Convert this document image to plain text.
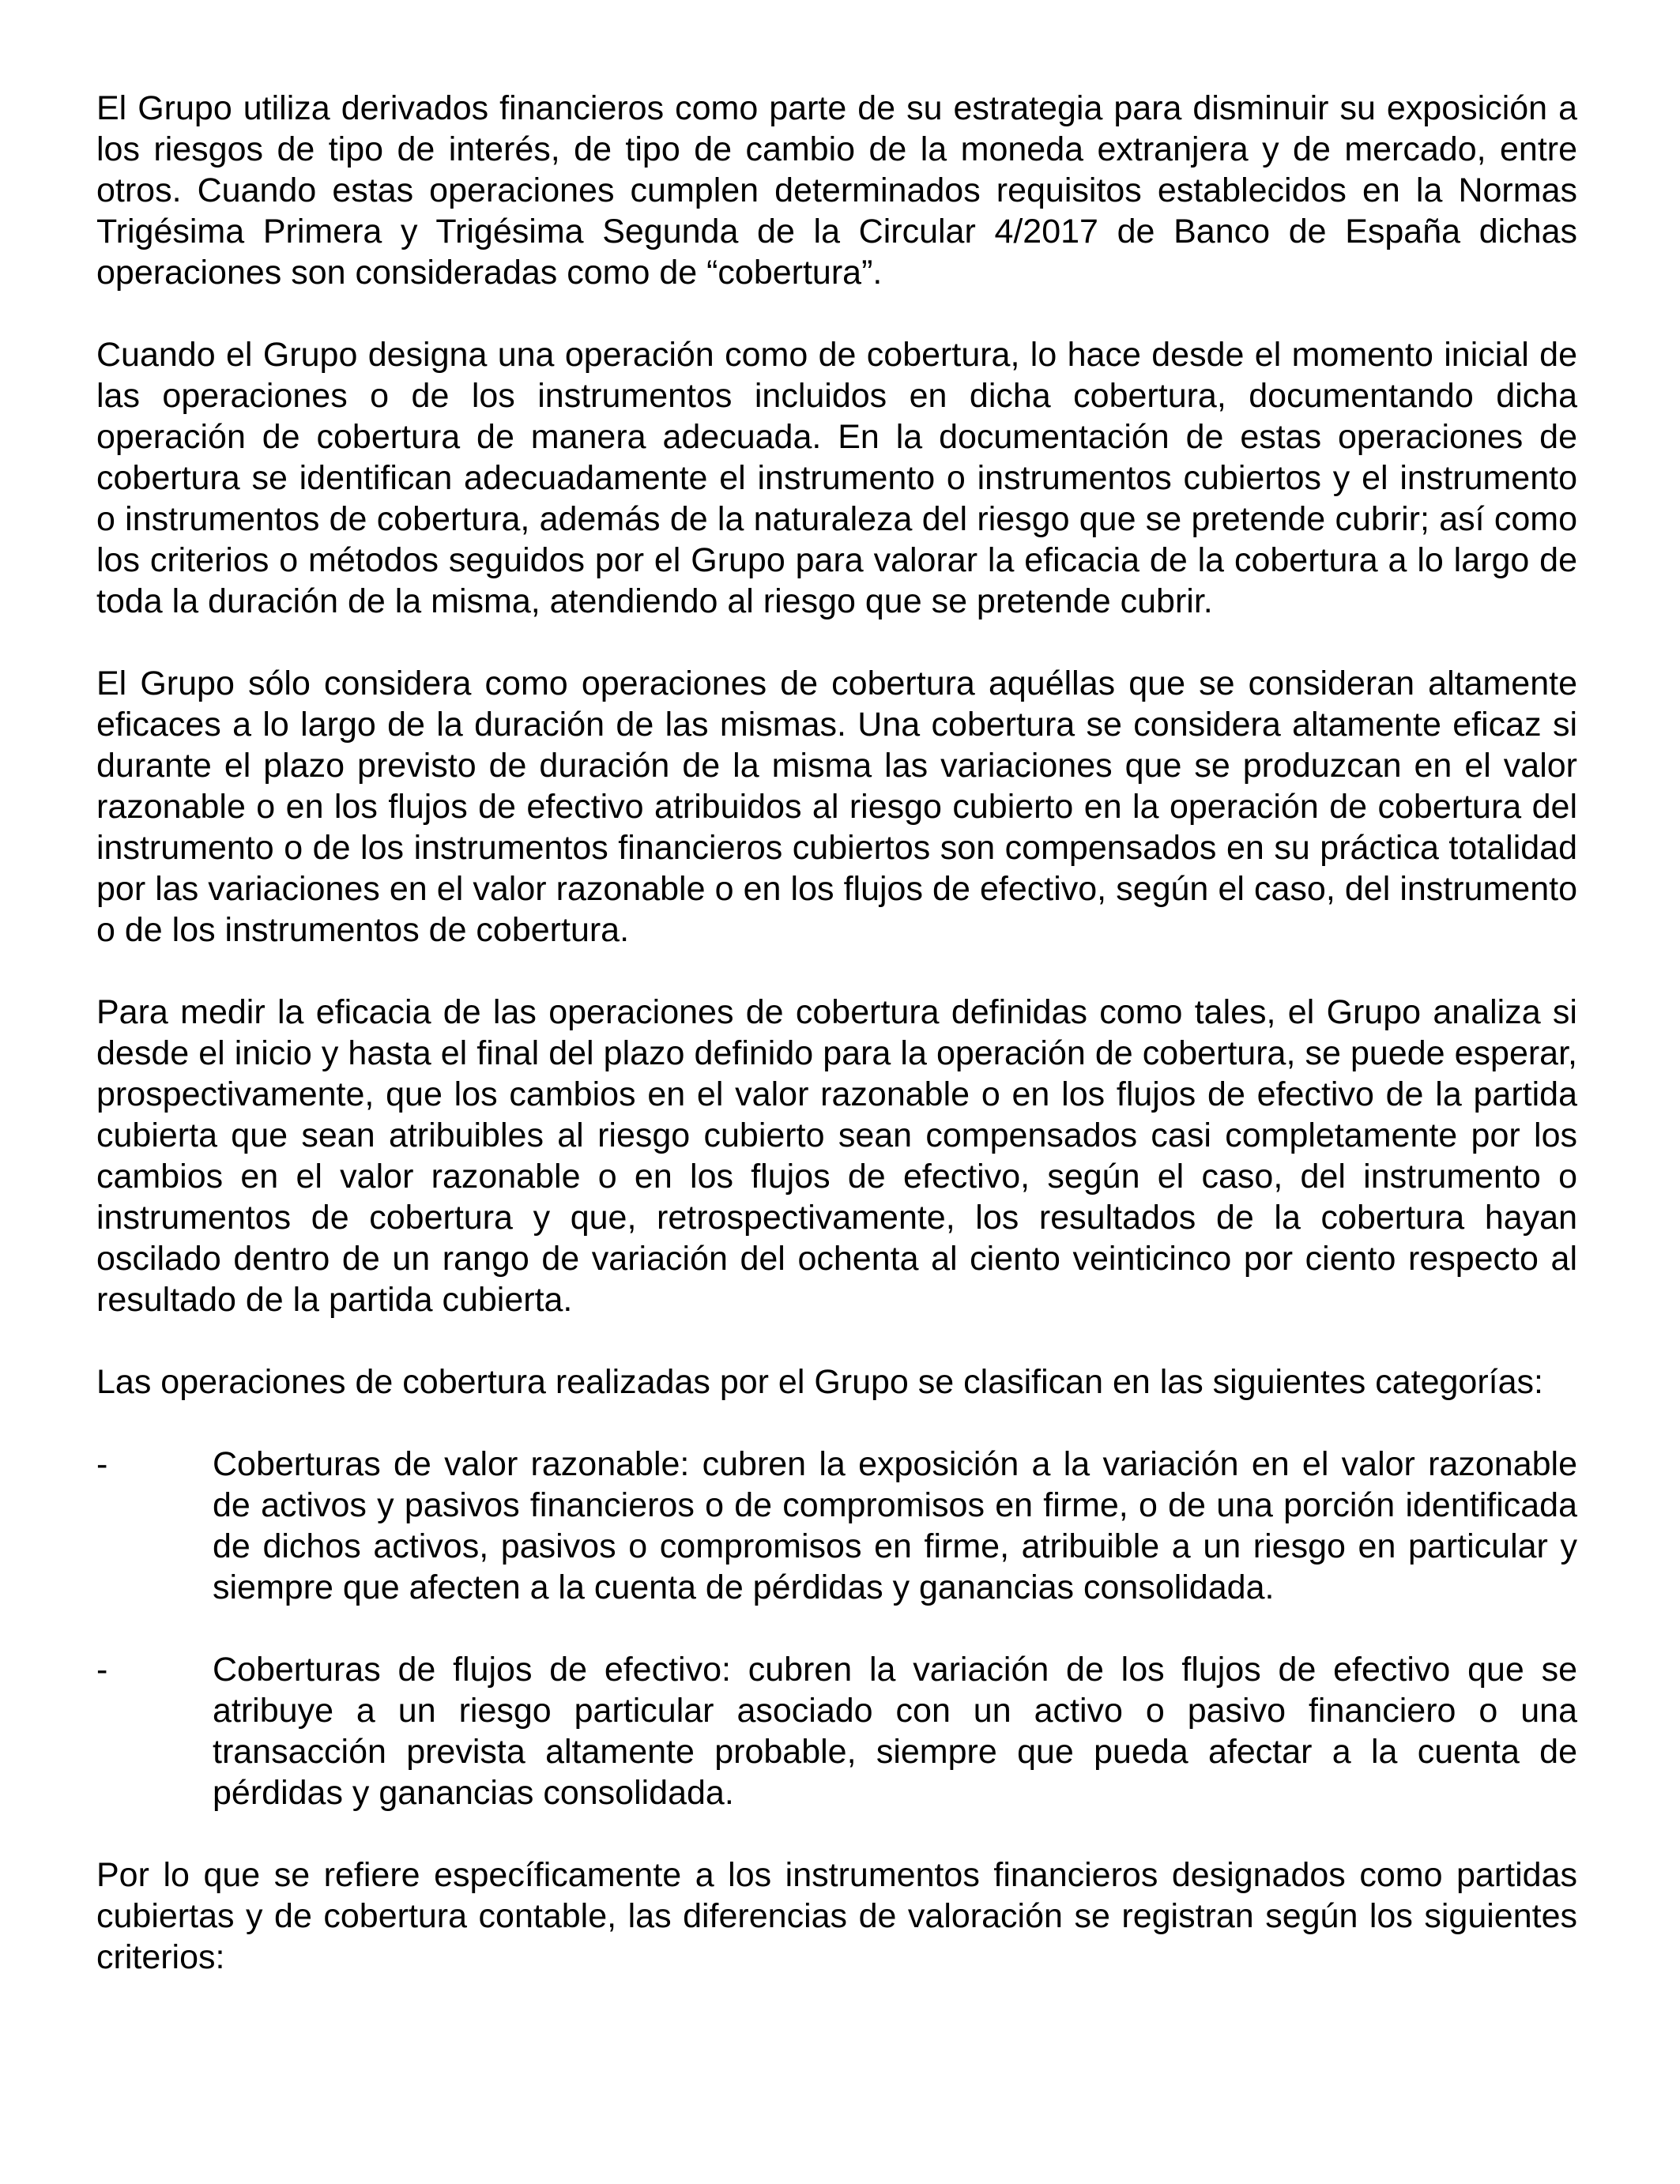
El Grupo utiliza derivados financieros como parte de su estrategia para disminuir su exposición a los riesgos de tipo de interés, de tipo de cambio de la moneda extranjera y de mercado, entre otros. Cuando estas operaciones cumplen determinados requisitos establecidos en la Normas Trigésima Primera y Trigésima Segunda de la Circular 4/2017 de Banco de España dichas operaciones son consideradas como de “cobertura”.

Cuando el Grupo designa una operación como de cobertura, lo hace desde el momento inicial de las operaciones o de los instrumentos incluidos en dicha cobertura, documentando dicha operación de cobertura de manera adecuada. En la documentación de estas operaciones de cobertura se identifican adecuadamente el instrumento o instrumentos cubiertos y el instrumento o instrumentos de cobertura, además de la naturaleza del riesgo que se pretende cubrir; así como los criterios o métodos seguidos por el Grupo para valorar la eficacia de la cobertura a lo largo de toda la duración de la misma, atendiendo al riesgo que se pretende cubrir.

El Grupo sólo considera como operaciones de cobertura aquéllas que se consideran altamente eficaces a lo largo de la duración de las mismas. Una cobertura se considera altamente eficaz si durante el plazo previsto de duración de la misma las variaciones que se produzcan en el valor razonable o en los flujos de efectivo atribuidos al riesgo cubierto en la operación de cobertura del instrumento o de los instrumentos financieros cubiertos son compensados en su práctica totalidad por las variaciones en el valor razonable o en los flujos de efectivo, según el caso, del instrumento o de los instrumentos de cobertura.

Para medir la eficacia de las operaciones de cobertura definidas como tales, el Grupo analiza si desde el inicio y hasta el final del plazo definido para la operación de cobertura, se puede esperar, prospectivamente, que los cambios en el valor razonable o en los flujos de efectivo de la partida cubierta que sean atribuibles al riesgo cubierto sean compensados casi completamente por los cambios en el valor razonable o en los flujos de efectivo, según el caso, del instrumento o instrumentos de cobertura y que, retrospectivamente, los resultados de la cobertura hayan oscilado dentro de un rango de variación del ochenta al ciento veinticinco por ciento respecto al resultado de la partida cubierta.

Las operaciones de cobertura realizadas por el Grupo se clasifican en las siguientes categorías:

-	Coberturas de valor razonable: cubren la exposición a la variación en el valor razonable de activos y pasivos financieros o de compromisos en firme, o de una porción identificada de dichos activos, pasivos o compromisos en firme, atribuible a un riesgo en particular y siempre que afecten a la cuenta de pérdidas y ganancias consolidada.
-	Coberturas de flujos de efectivo: cubren la variación de los flujos de efectivo que se atribuye a un riesgo particular asociado con un activo o pasivo financiero o una transacción prevista altamente probable, siempre que pueda afectar a la cuenta de pérdidas y ganancias consolidada.

Por lo que se refiere específicamente a los instrumentos financieros designados como partidas cubiertas y de cobertura contable, las diferencias de valoración se registran según los siguientes criterios:
